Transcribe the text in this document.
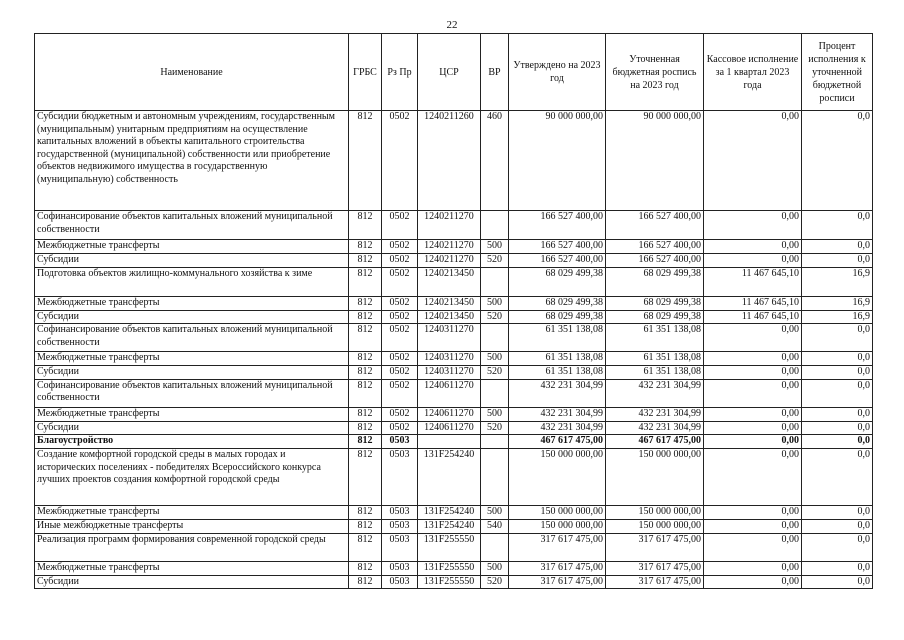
22
Наименование	ГРБС	Рз Пр	ЦСР	ВР	Утверждено на 2023 год	Уточненная бюджетная роспись на 2023 год	Кассовое исполнение за 1 квартал 2023 года	Процент исполнения к уточненной бюджетной росписи
Субсидии бюджетным и автономным учреждениям, государственным (муниципальным) унитарным предприятиям на осуществление капитальных вложений в объекты капитального строительства государственной (муниципальной) собственности или приобретение объектов недвижимого имущества в государственную (муниципальную) собственность	812	0502	1240211260	460	90 000 000,00	90 000 000,00	0,00	0,0
Софинансирование объектов капитальных вложений муниципальной собственности	812	0502	1240211270		166 527 400,00	166 527 400,00	0,00	0,0
Межбюджетные трансферты	812	0502	1240211270	500	166 527 400,00	166 527 400,00	0,00	0,0
Субсидии	812	0502	1240211270	520	166 527 400,00	166 527 400,00	0,00	0,0
Подготовка объектов жилищно-коммунального хозяйства к зиме	812	0502	1240213450		68 029 499,38	68 029 499,38	11 467 645,10	16,9
Межбюджетные трансферты	812	0502	1240213450	500	68 029 499,38	68 029 499,38	11 467 645,10	16,9
Субсидии	812	0502	1240213450	520	68 029 499,38	68 029 499,38	11 467 645,10	16,9
Софинансирование объектов капитальных вложений муниципальной собственности	812	0502	1240311270		61 351 138,08	61 351 138,08	0,00	0,0
Межбюджетные трансферты	812	0502	1240311270	500	61 351 138,08	61 351 138,08	0,00	0,0
Субсидии	812	0502	1240311270	520	61 351 138,08	61 351 138,08	0,00	0,0
Софинансирование объектов капитальных вложений муниципальной собственности	812	0502	1240611270		432 231 304,99	432 231 304,99	0,00	0,0
Межбюджетные трансферты	812	0502	1240611270	500	432 231 304,99	432 231 304,99	0,00	0,0
Субсидии	812	0502	1240611270	520	432 231 304,99	432 231 304,99	0,00	0,0
Благоустройство	812	0503			467 617 475,00	467 617 475,00	0,00	0,0
Создание комфортной городской среды в малых городах и исторических поселениях - победителях Всероссийского конкурса лучших проектов создания комфортной городской среды	812	0503	131F254240		150 000 000,00	150 000 000,00	0,00	0,0
Межбюджетные трансферты	812	0503	131F254240	500	150 000 000,00	150 000 000,00	0,00	0,0
Иные межбюджетные трансферты	812	0503	131F254240	540	150 000 000,00	150 000 000,00	0,00	0,0
Реализация программ формирования современной городской среды	812	0503	131F255550		317 617 475,00	317 617 475,00	0,00	0,0
Межбюджетные трансферты	812	0503	131F255550	500	317 617 475,00	317 617 475,00	0,00	0,0
Субсидии	812	0503	131F255550	520	317 617 475,00	317 617 475,00	0,00	0,0
